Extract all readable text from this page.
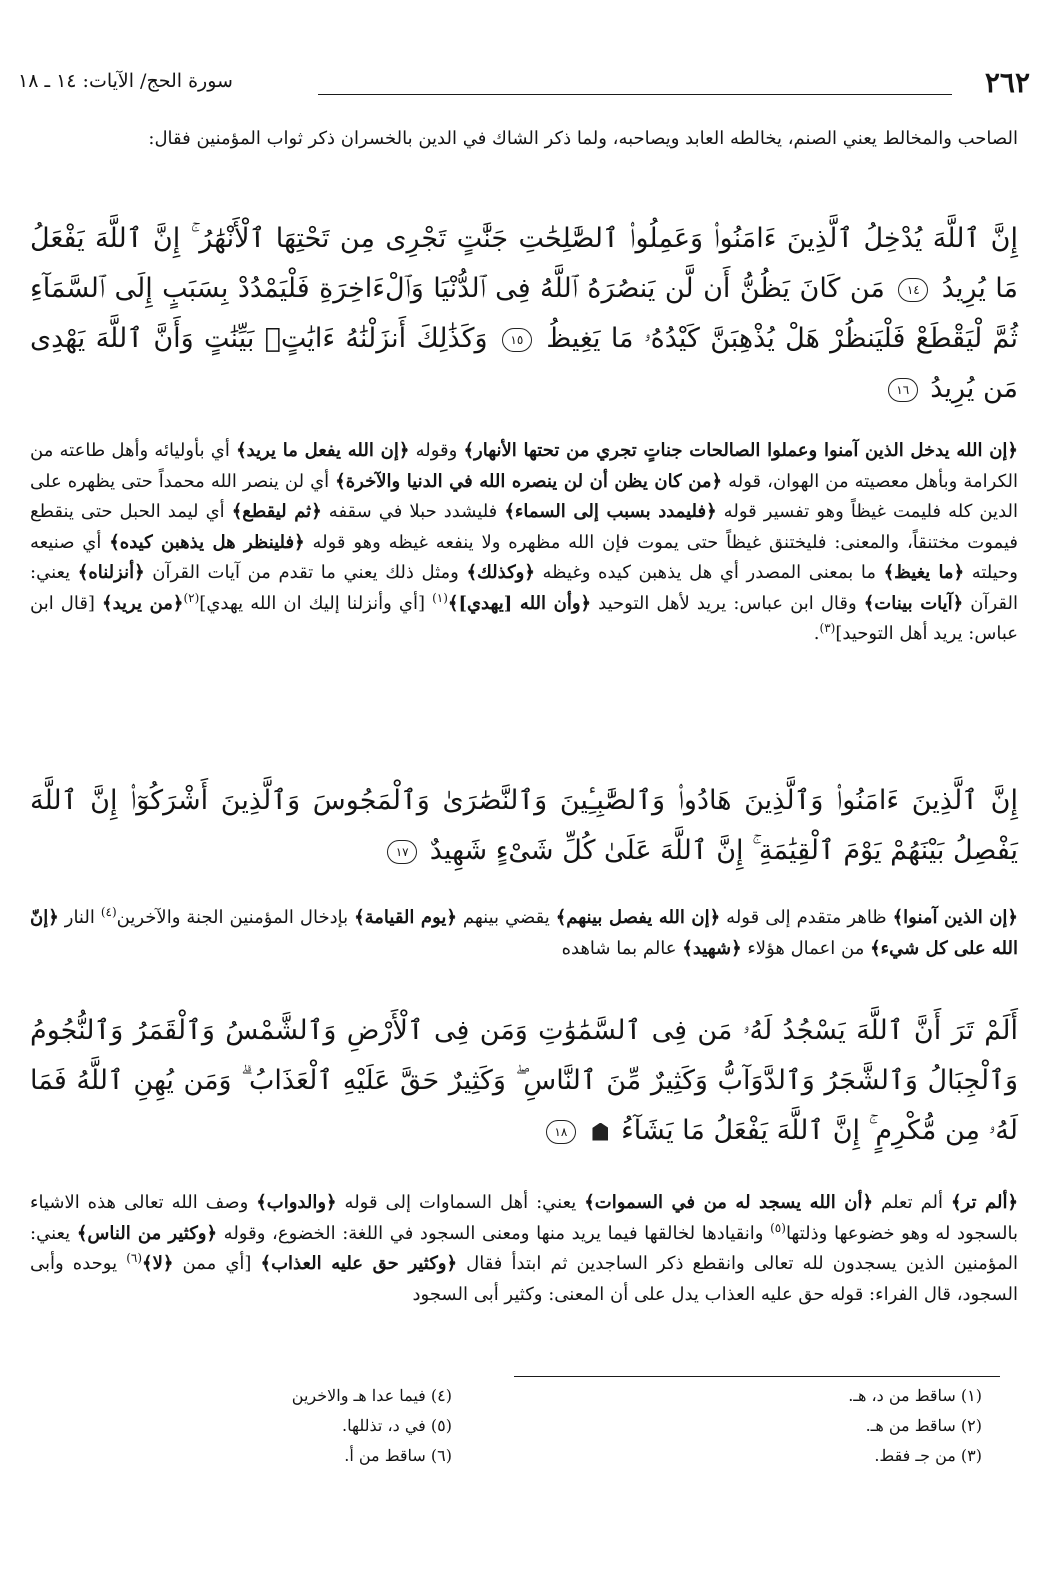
٢٦٢
سورة الحج/ الآيات: ١٤ ـ ١٨

الصاحب والمخالط يعني الصنم، يخالطه العابد ويصاحبه، ولما ذكر الشاك في الدين بالخسران ذكر ثواب المؤمنين فقال:

إِنَّ ٱللَّهَ يُدْخِلُ ٱلَّذِينَ ءَامَنُوا۟ وَعَمِلُوا۟ ٱلصَّٰلِحَٰتِ جَنَّٰتٍ تَجْرِى مِن تَحْتِهَا ٱلْأَنْهَٰرُ ۚ إِنَّ ٱللَّهَ يَفْعَلُ مَا يُرِيدُ ١٤ مَن كَانَ يَظُنُّ أَن لَّن يَنصُرَهُ ٱللَّهُ فِى ٱلدُّنْيَا وَٱلْءَاخِرَةِ فَلْيَمْدُدْ بِسَبَبٍ إِلَى ٱلسَّمَآءِ ثُمَّ لْيَقْطَعْ فَلْيَنظُرْ هَلْ يُذْهِبَنَّ كَيْدُهُۥ مَا يَغِيظُ ١٥ وَكَذَٰلِكَ أَنزَلْنَٰهُ ءَايَٰتٍۭ بَيِّنَٰتٍ وَأَنَّ ٱللَّهَ يَهْدِى مَن يُرِيدُ ١٦

﴿إن الله يدخل الذين آمنوا وعملوا الصالحات جناتٍ تجري من تحتها الأنهار﴾ وقوله ﴿إن الله يفعل ما يريد﴾ أي بأوليائه وأهل طاعته من الكرامة وبأهل معصيته من الهوان، قوله ﴿من كان يظن أن لن ينصره الله في الدنيا والآخرة﴾ أي لن ينصر الله محمداً حتى يظهره على الدين كله فليمت غيظاً وهو تفسير قوله ﴿فليمدد بسبب إلى السماء﴾ فليشدد حبلا في سقفه ﴿ثم ليقطع﴾ أي ليمد الحبل حتى ينقطع فيموت مختنقاً، والمعنى: فليختنق غيظاً حتى يموت فإن الله مظهره ولا ينفعه غيظه وهو قوله ﴿فلينظر هل يذهبن كيده﴾ أي صنيعه وحيلته ﴿ما يغيظ﴾ ما بمعنى المصدر أي هل يذهبن كيده وغيظه ﴿وكذلك﴾ ومثل ذلك يعني ما تقدم من آيات القرآن ﴿أنزلناه﴾ يعني: القرآن ﴿آيات بينات﴾ وقال ابن عباس: يريد لأهل التوحيد ﴿وأن الله [يهدي]﴾$^{(١)}$ [أي وأنزلنا إليك ان الله يهدي]$^{(٢)}$﴿من يريد﴾ [قال ابن عباس: يريد أهل التوحيد]$^{(٣)}$.

إِنَّ ٱلَّذِينَ ءَامَنُوا۟ وَٱلَّذِينَ هَادُوا۟ وَٱلصَّٰبِـِٔينَ وَٱلنَّصَٰرَىٰ وَٱلْمَجُوسَ وَٱلَّذِينَ أَشْرَكُوٓا۟ إِنَّ ٱللَّهَ يَفْصِلُ بَيْنَهُمْ يَوْمَ ٱلْقِيَٰمَةِ ۚ إِنَّ ٱللَّهَ عَلَىٰ كُلِّ شَىْءٍ شَهِيدٌ ١٧

﴿إن الذين آمنوا﴾ ظاهر متقدم إلى قوله ﴿إن الله يفصل بينهم﴾ يقضي بينهم ﴿يوم القيامة﴾ بإدخال المؤمنين الجنة والآخرين$^{(٤)}$ النار ﴿إنّ الله على كل شيء﴾ من اعمال هؤلاء ﴿شهيد﴾ عالم بما شاهده

أَلَمْ تَرَ أَنَّ ٱللَّهَ يَسْجُدُ لَهُۥ مَن فِى ٱلسَّمَٰوَٰتِ وَمَن فِى ٱلْأَرْضِ وَٱلشَّمْسُ وَٱلْقَمَرُ وَٱلنُّجُومُ وَٱلْجِبَالُ وَٱلشَّجَرُ وَٱلدَّوَآبُّ وَكَثِيرٌ مِّنَ ٱلنَّاسِ ۖ وَكَثِيرٌ حَقَّ عَلَيْهِ ٱلْعَذَابُ ۗ وَمَن يُهِنِ ٱللَّهُ فَمَا لَهُۥ مِن مُّكْرِمٍ ۚ إِنَّ ٱللَّهَ يَفْعَلُ مَا يَشَآءُ  ١٨

﴿ألم تر﴾ ألم تعلم ﴿أن الله يسجد له من في السموات﴾ يعني: أهل السماوات إلى قوله ﴿والدواب﴾ وصف الله تعالى هذه الاشياء بالسجود له وهو خضوعها وذلتها$^{(٥)}$ وانقيادها لخالقها فيما يريد منها ومعنى السجود في اللغة: الخضوع، وقوله ﴿وكثير من الناس﴾ يعني: المؤمنين الذين يسجدون لله تعالى وانقطع ذكر الساجدين ثم ابتدأ فقال ﴿وكثير حق عليه العذاب﴾ [أي ممن ﴿لا﴾$^{(٦)}$ يوحده وأبى السجود، قال الفراء: قوله حق عليه العذاب يدل على أن المعنى: وكثير أبى السجود

(١) ساقط من د، هـ.
(٢) ساقط من هـ.
(٣) من جـ فقط.
(٤) فيما عدا هـ والاخرين
(٥) في د، تذللها.
(٦) ساقط من أ.
